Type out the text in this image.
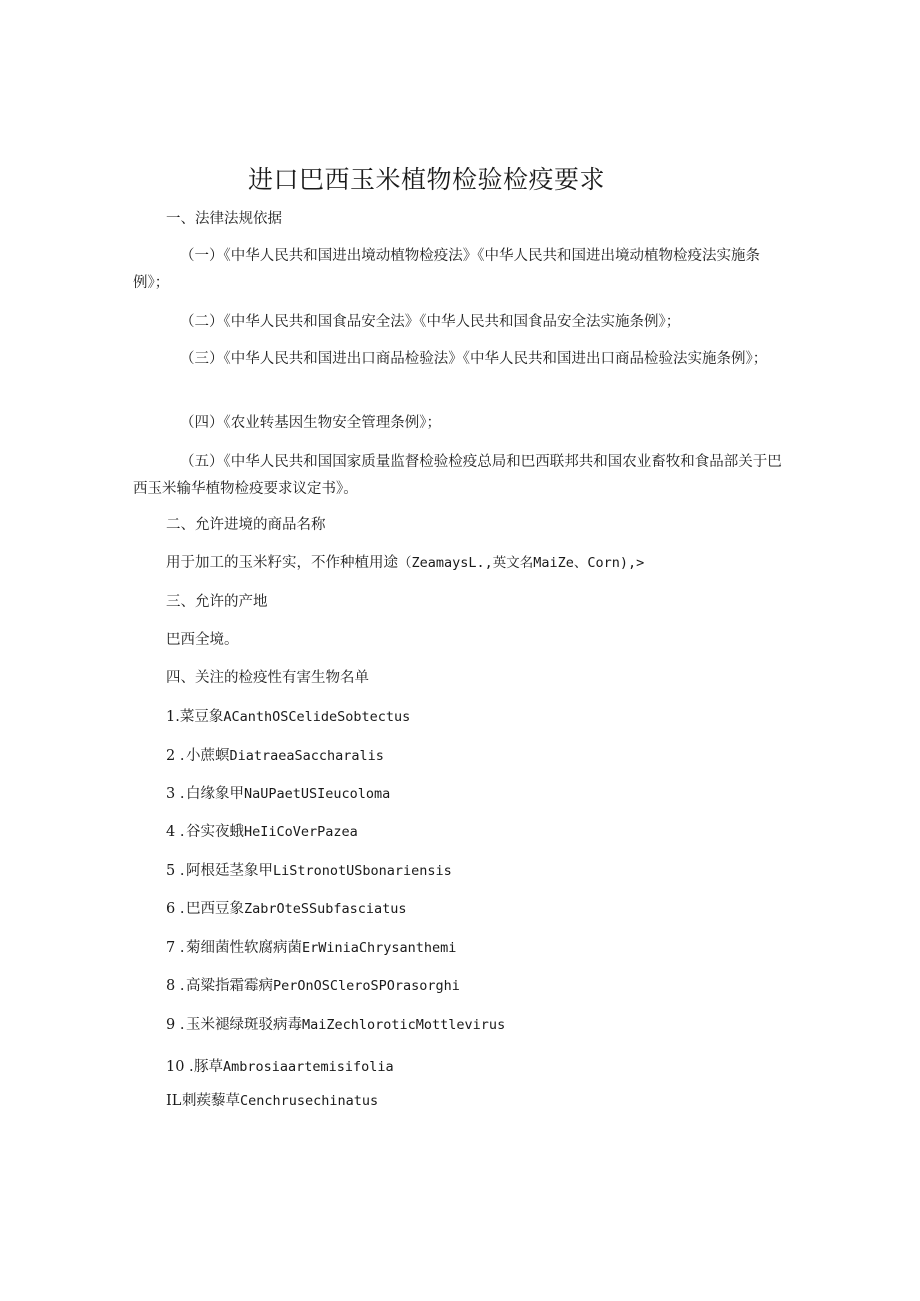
进口巴西玉米植物检验检疫要求
一、法律法规依据
（一）《中华人民共和国进出境动植物检疫法》《中华人民共和国进出境动植物检疫法实施条例》；
（二）《中华人民共和国食品安全法》《中华人民共和国食品安全法实施条例》；
（三）《中华人民共和国进出口商品检验法》《中华人民共和国进出口商品检验法实施条例》；
（四）《农业转基因生物安全管理条例》；
（五）《中华人民共和国国家质量监督检验检疫总局和巴西联邦共和国农业畜牧和食品部关于巴西玉米输华植物检疫要求议定书》。
二、允许进境的商品名称
用于加工的玉米籽实，不作种植用途（ZeamaysL.,英文名MaiZe、Corn),>
三、允许的产地
巴西全境。
四、关注的检疫性有害生物名单
1.菜豆象ACanthOSCelideSobtectus
2 . 小蔗螟DiatraeaSaccharalis
3 . 白缘象甲NaUPaetUSIeucoloma
4 . 谷实夜蛾HeIiCoVerPazea
5 . 阿根廷茎象甲LiStronotUSbonariensis
6 . 巴西豆象ZabrOteSSubfasciatus
7 . 菊细菌性软腐病菌ErWiniaChrysanthemi
8 . 高粱指霜霉病PerOnOSCleroSPOrasorghi
9 . 玉米褪绿斑驳病毒MaiZechloroticMottlevirus
10 .豚草Ambrosiaartemisifolia
IL刺蒺藜草Cenchrusechinatus
